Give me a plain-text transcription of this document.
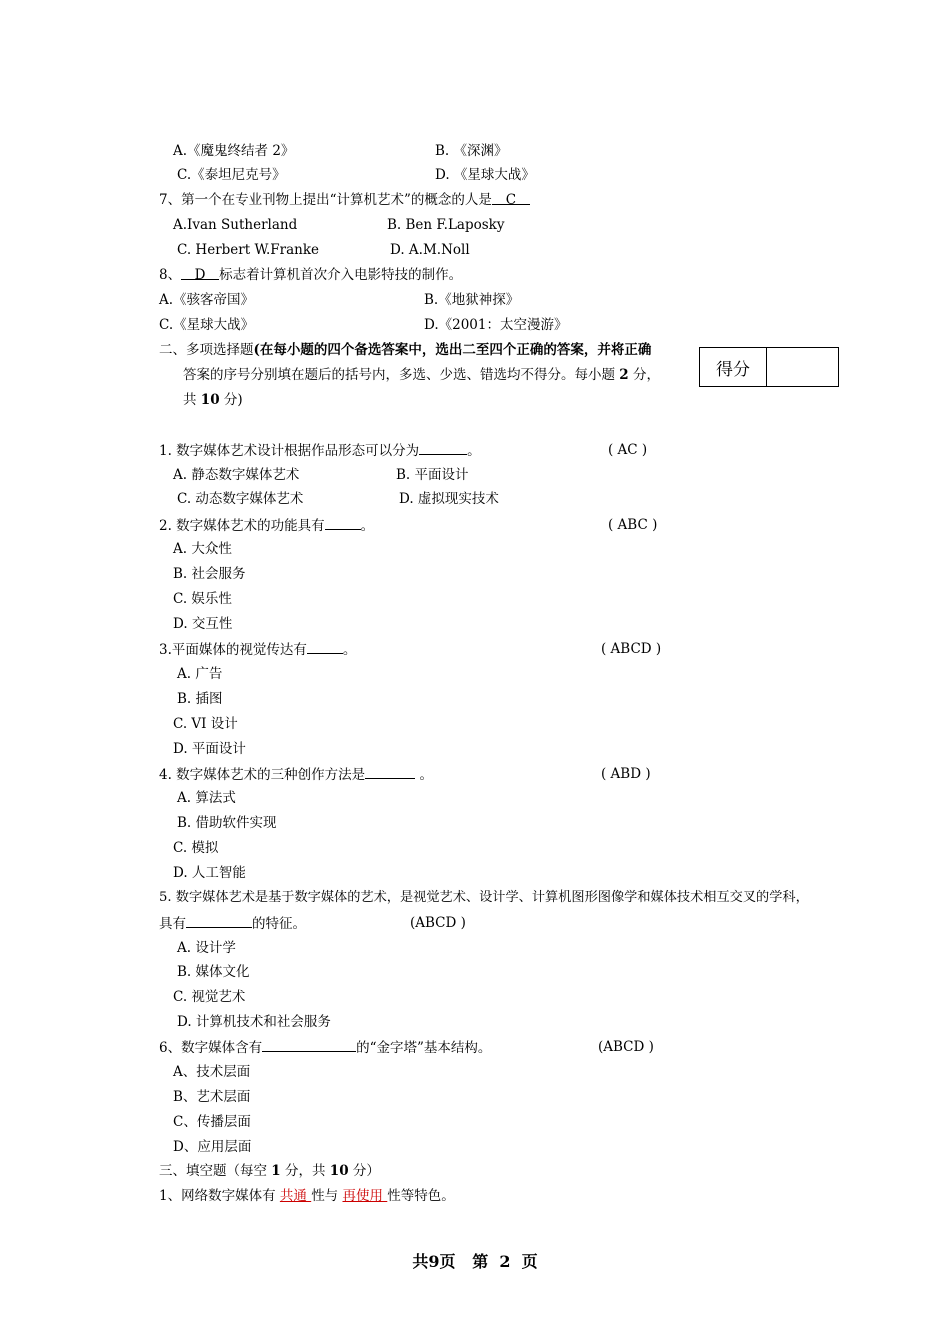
A.《魔鬼终结者 2》	B. 《深渊》
C.《泰坦尼克号》	D. 《星球大战》
7、第一个在专业刊物上提出“计算机艺术”的概念的人是 C
A.Ivan Sutherland	B. Ben F.Laposky
C. Herbert W.Franke	D. A.M.Noll
8、 D 标志着计算机首次介入电影特技的制作。
A.《骇客帝国》	B.《地狱神探》
C.《星球大战》	D.《2001：太空漫游》
二、多项选择题(在每小题的四个备选答案中，选出二至四个正确的答案，并将正确
答案的序号分别填在题后的括号内，多选、少选、错选均不得分。每小题 2 分，
共 10 分)
得分
1. 数字媒体艺术设计根据作品形态可以分为	。	( AC )
A. 静态数字媒体艺术	B. 平面设计
C. 动态数字媒体艺术	D. 虚拟现实技术
2. 数字媒体艺术的功能具有	。	( ABC )
A. 大众性
B. 社会服务
C. 娱乐性
D. 交互性
3.平面媒体的视觉传达有	。	( ABCD )
A. 广告
B. 插图
C. VI 设计
D. 平面设计
4. 数字媒体艺术的三种创作方法是	。	( ABD )
A. 算法式
B. 借助软件实现
C. 模拟
D. 人工智能
5. 数字媒体艺术是基于数字媒体的艺术，是视觉艺术、设计学、计算机图形图像学和媒体技术相互交叉的学科，
具有	的特征。	(ABCD )
A. 设计学
B. 媒体文化
C. 视觉艺术
D. 计算机技术和社会服务
6、数字媒体含有	的“金字塔”基本结构。	(ABCD )
A、技术层面
B、艺术层面
C、传播层面
D、应用层面
三、填空题（每空 1 分，共 10 分）
1、网络数字媒体有 共通 性与 再使用 性等特色。
共9页   第  2  页
